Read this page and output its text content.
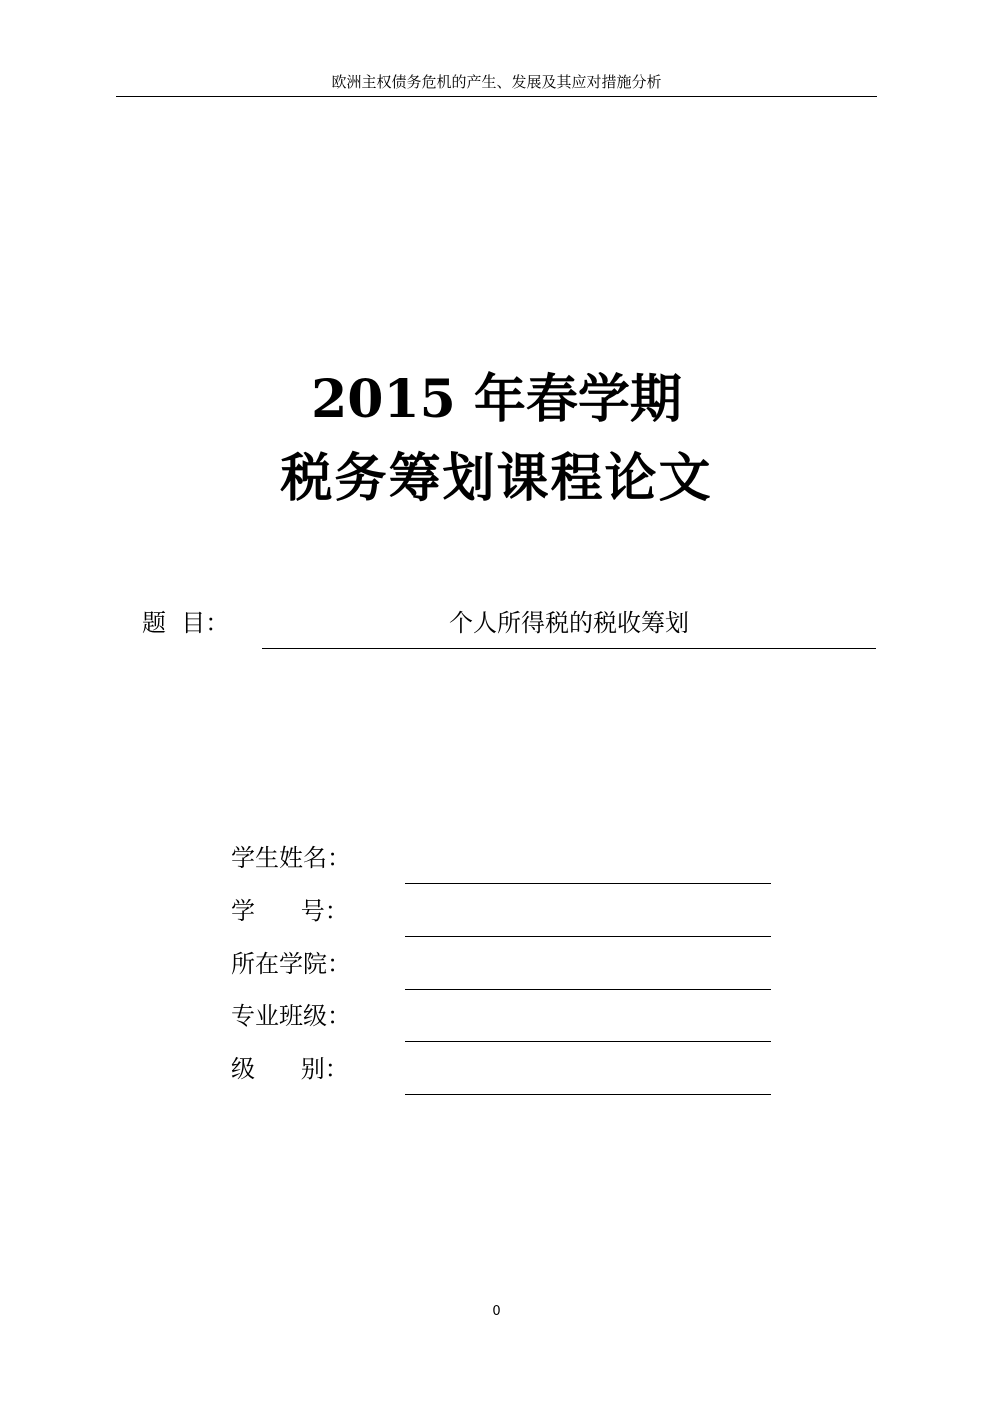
欧洲主权债务危机的产生、发展及其应对措施分析
2015 年春学期
税务筹划课程论文
题  目：	个人所得税的税收筹划
学生姓名：
学      号：
所在学院：
专业班级：
级      别：
0
